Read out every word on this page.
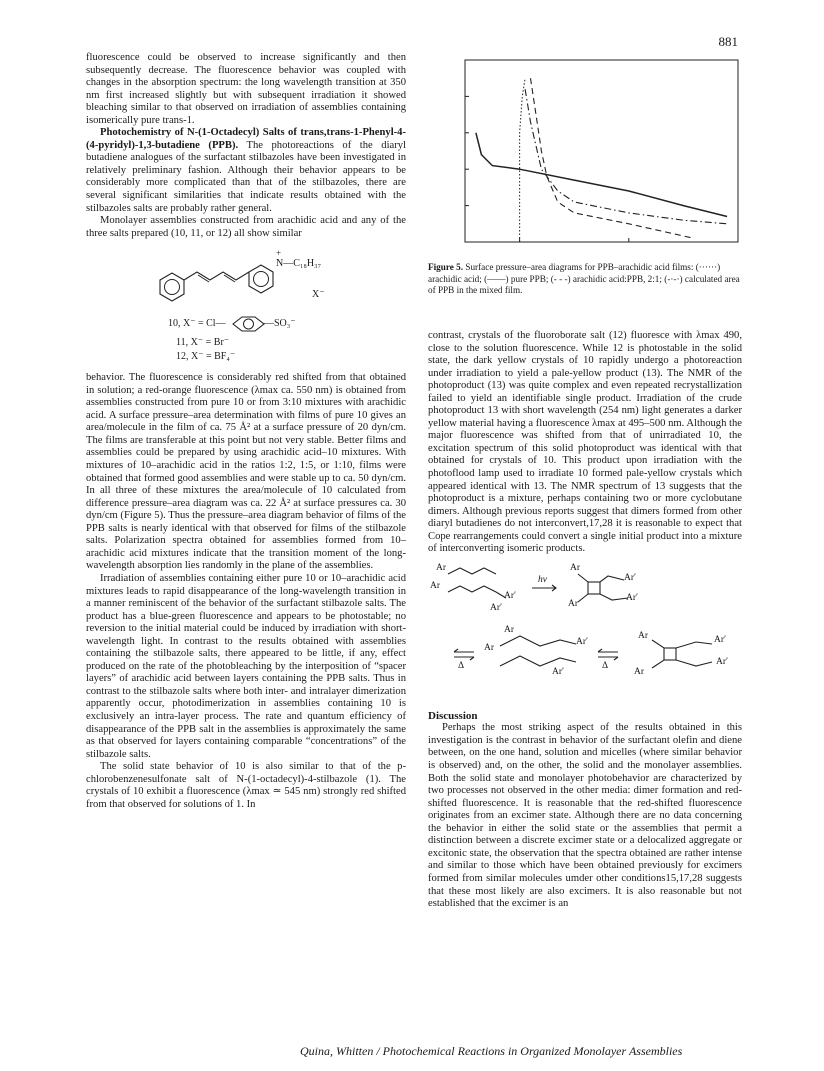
881

fluorescence could be observed to increase significantly and then subsequently decrease. The fluorescence behavior was coupled with changes in the absorption spectrum: the long wavelength transition at 350 nm first increased slightly but with subsequent irradiation it showed bleaching similar to that observed on irradiation of assemblies containing isomerically pure trans-1.

Photochemistry of N-(1-Octadecyl) Salts of trans,trans-1-Phenyl-4-(4-pyridyl)-1,3-butadiene (PPB). The photoreactions of the diaryl butadiene analogues of the surfactant stilbazoles have been investigated in relatively preliminary fashion. Although their behavior appears to be considerably more complicated than that of the stilbazoles, there are several significant similarities that indicate results obtained with the stilbazoles salts are probably rather general.

Monolayer assemblies constructed from arachidic acid and any of the three salts prepared (10, 11, or 12) all show similar

N—C₁₈H₃₇
+
X⁻
10, X⁻ = Cl—	—SO₃⁻
11, X⁻ = Br⁻
12, X⁻ = BF₄⁻

behavior. The fluorescence is considerably red shifted from that obtained in solution; a red-orange fluorescence (λmax ca. 550 nm) is obtained from assemblies constructed from pure 10 or from 3:10 mixtures with arachidic acid. A surface pressure–area determination with films of pure 10 gives an area/molecule in the film of ca. 75 Å² at a surface pressure of 20 dyn/cm. The films are transferable at this point but not very stable. Better films and assemblies could be prepared by using arachidic acid–10 mixtures. With mixtures of 10–arachidic acid in the ratios 1:2, 1:5, or 1:10, films were obtained that formed good assemblies and were stable up to ca. 50 dyn/cm. In all three of these mixtures the area/molecule of 10 calculated from difference pressure–area diagram was ca. 22 Å² at surface pressures ca. 30 dyn/cm (Figure 5). Thus the pressure–area diagram behavior of films of the PPB salts is nearly identical with that observed for films of the stilbazole salts. Polarization spectra obtained for assemblies formed from 10–arachidic acid mixtures indicate that the transition moment of the long-wavelength absorption lies randomly in the plane of the assemblies.

Irradiation of assemblies containing either pure 10 or 10–arachidic acid mixtures leads to rapid disappearance of the long-wavelength transition in a manner reminiscent of the behavior of the surfactant stilbazole salts. The product has a blue-green fluorescence and appears to be photostable; no reversion to the initial material could be induced by irradiation with short-wavelength light. In contrast to the results obtained with assemblies containing the stilbazole salts, there appeared to be little, if any, effect produced on the rate of the photobleaching by the interposition of “spacer layers” of arachidic acid between layers containing the PPB salts. Thus in contrast to the stilbazole salts where both inter- and intralayer dimerization apparently occur, photodimerization in assemblies containing 10 is exclusively an intra-layer process. The rate and quantum efficiency of disappearance of the PPB salt in the assemblies is approximately the same as that observed for layers containing comparable “concentrations” of the stilbazole salts.

The solid state behavior of 10 is also similar to that of the p-chlorobenzenesulfonate salt of N-(1-octadecyl)-4-stilbazole (1). The crystals of 10 exhibit a fluorescence (λmax ≃ 545 nm) strongly red shifted from that observed for solutions of 1. In

Figure 5. Surface pressure–area diagrams for PPB–arachidic acid films: (······) arachidic acid; (——) pure PPB; (- - -) arachidic acid:PPB, 2:1; (-·-·) calculated area of PPB in the mixed film.

contrast, crystals of the fluoroborate salt (12) fluoresce with λmax 490, close to the solution fluorescence. While 12 is photostable in the solid state, the dark yellow crystals of 10 rapidly undergo a photoreaction under irradiation to yield a pale-yellow product (13). The NMR of the photoproduct (13) was quite complex and even repeated recrystallization failed to yield an identifiable single product. Irradiation of the crude photoproduct 13 with short wavelength (254 nm) light generates a darker yellow material having a fluorescence λmax at 495–500 nm. Although the major fluorescence was shifted from that of unirradiated 10, the excitation spectrum of this solid photoproduct was identical with that obtained for crystals of 10. This product upon irradiation with the photoflood lamp used to irradiate 10 formed pale-yellow crystals which appeared identical with 13. The NMR spectrum of 13 suggests that the photoproduct is a mixture, perhaps containing two or more cyclobutane dimers. Although previous reports suggest that dimers formed from other diaryl butadienes do not interconvert,17,28 it is reasonable to expect that Cope rearrangements could convert a single initial product into a mixture of interconverting isomeric products.

Ar
Ar
Ar′
Ar′
hν
Ar
Ar
Ar′
Ar′
Δ
Ar
Ar
Ar′
Ar′
Δ
Ar
Ar
Ar′
Ar′

Discussion

Perhaps the most striking aspect of the results obtained in this investigation is the contrast in behavior of the surfactant olefin and diene between, on the one hand, solution and micelles (where similar behavior is observed) and, on the other, the solid and the monolayer assemblies. Both the solid state and monolayer photobehavior are characterized by two processes not observed in the other media: dimer formation and red-shifted fluorescence. It is reasonable that the red-shifted fluorescence originates from an excimer state. Although there are no data concerning the behavior in either the solid state or the assemblies that permit a distinction between a discrete excimer state or a delocalized aggregate or excitonic state, the observation that the spectra obtained are rather intense and similar to those which have been obtained previously for excimers formed from similar molecules umder other conditions15,17,28 suggests that these most likely are also excimers. It is also reasonable but not established that the excimer is an

Quina, Whitten / Photochemical Reactions in Organized Monolayer Assemblies
